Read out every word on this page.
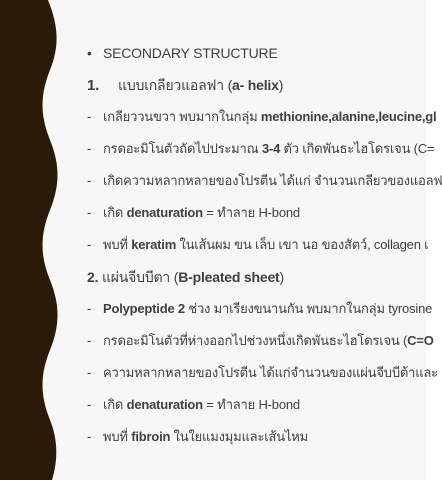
• SECONDARY STRUCTURE
1. แบบเกลียวแอลฟา (a- helix)
- เกลียววนขวา พบมากในกลุ่ม methionine,alanine,leucine,gl
- กรดอะมิโนตัวถัดไปประมาณ 3-4 ตัว เกิดพันธะไฮโดรเจน (C=
- เกิดความหลากหลายของโปรตีน ได้แก่ จำนวนเกลียวของแอลฟ
- เกิด denaturation = ทำลาย H-bond
- พบที่ keratim ในเส้นผม ขน เล็บ เขา นอ ของสัตว์, collagen เ
2. แผ่นจีบบีตา (B-pleated sheet)
- Polypeptide 2 ช่วง มาเรียงขนานกัน พบมากในกลุ่ม tyrosine
- กรดอะมิโนตัวที่ห่างออกไปช่วงหนึ่งเกิดพันธะไฮโดรเจน (C=O
- ความหลากหลายของโปรตีน ได้แก่จำนวนของแผ่นจีบบีต้าและ
- เกิด denaturation = ทำลาย H-bond
- พบที่ fibroin ในใยแมงมุมและเส้นไหม
